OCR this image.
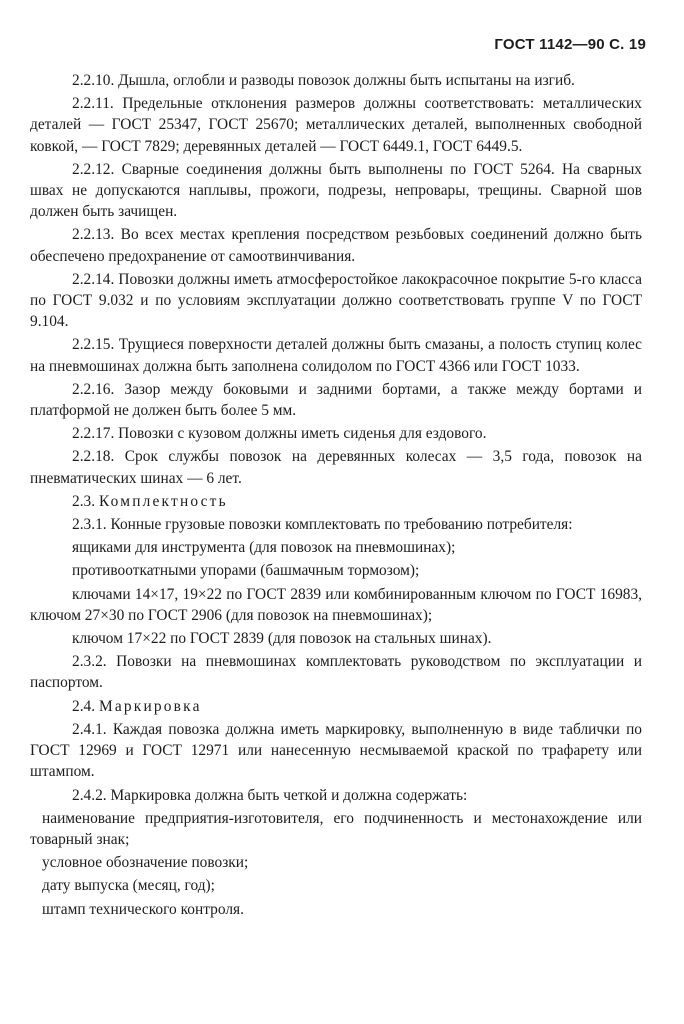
ГОСТ 1142—90 С. 19

2.2.10. Дышла, оглобли и разводы повозок должны быть испытаны на изгиб.

2.2.11. Предельные отклонения размеров должны соответствовать: металлических деталей — ГОСТ 25347, ГОСТ 25670; металлических деталей, выполненных свободной ковкой, — ГОСТ 7829; деревянных деталей — ГОСТ 6449.1, ГОСТ 6449.5.

2.2.12. Сварные соединения должны быть выполнены по ГОСТ 5264. На сварных швах не допускаются наплывы, прожоги, подрезы, непровары, трещины. Сварной шов должен быть зачищен.

2.2.13. Во всех местах крепления посредством резьбовых соединений должно быть обеспечено предохранение от самоотвинчивания.

2.2.14. Повозки должны иметь атмосферостойкое лакокрасочное покрытие 5-го класса по ГОСТ 9.032 и по условиям эксплуатации должно соответствовать группе V по ГОСТ 9.104.

2.2.15. Трущиеся поверхности деталей должны быть смазаны, а полость ступиц колес на пневмошинах должна быть заполнена солидолом по ГОСТ 4366 или ГОСТ 1033.

2.2.16. Зазор между боковыми и задними бортами, а также между бортами и платформой не должен быть более 5 мм.

2.2.17. Повозки с кузовом должны иметь сиденья для ездового.

2.2.18. Срок службы повозок на деревянных колесах — 3,5 года, повозок на пневматических шинах — 6 лет.

2.3. Комплектность

2.3.1. Конные грузовые повозки комплектовать по требованию потребителя:

ящиками для инструмента (для повозок на пневмошинах);

противооткатными упорами (башмачным тормозом);

ключами 14×17, 19×22 по ГОСТ 2839 или комбинированным ключом по ГОСТ 16983, ключом 27×30 по ГОСТ 2906 (для повозок на пневмошинах);

ключом 17×22 по ГОСТ 2839 (для повозок на стальных шинах).

2.3.2. Повозки на пневмошинах комплектовать руководством по эксплуатации и паспортом.

2.4. Маркировка

2.4.1. Каждая повозка должна иметь маркировку, выполненную в виде таблички по ГОСТ 12969 и ГОСТ 12971 или нанесенную несмываемой краской по трафарету или штампом.

2.4.2. Маркировка должна быть четкой и должна содержать:

наименование предприятия-изготовителя, его подчиненность и местонахождение или товарный знак;

условное обозначение повозки;

дату выпуска (месяц, год);

штамп технического контроля.
